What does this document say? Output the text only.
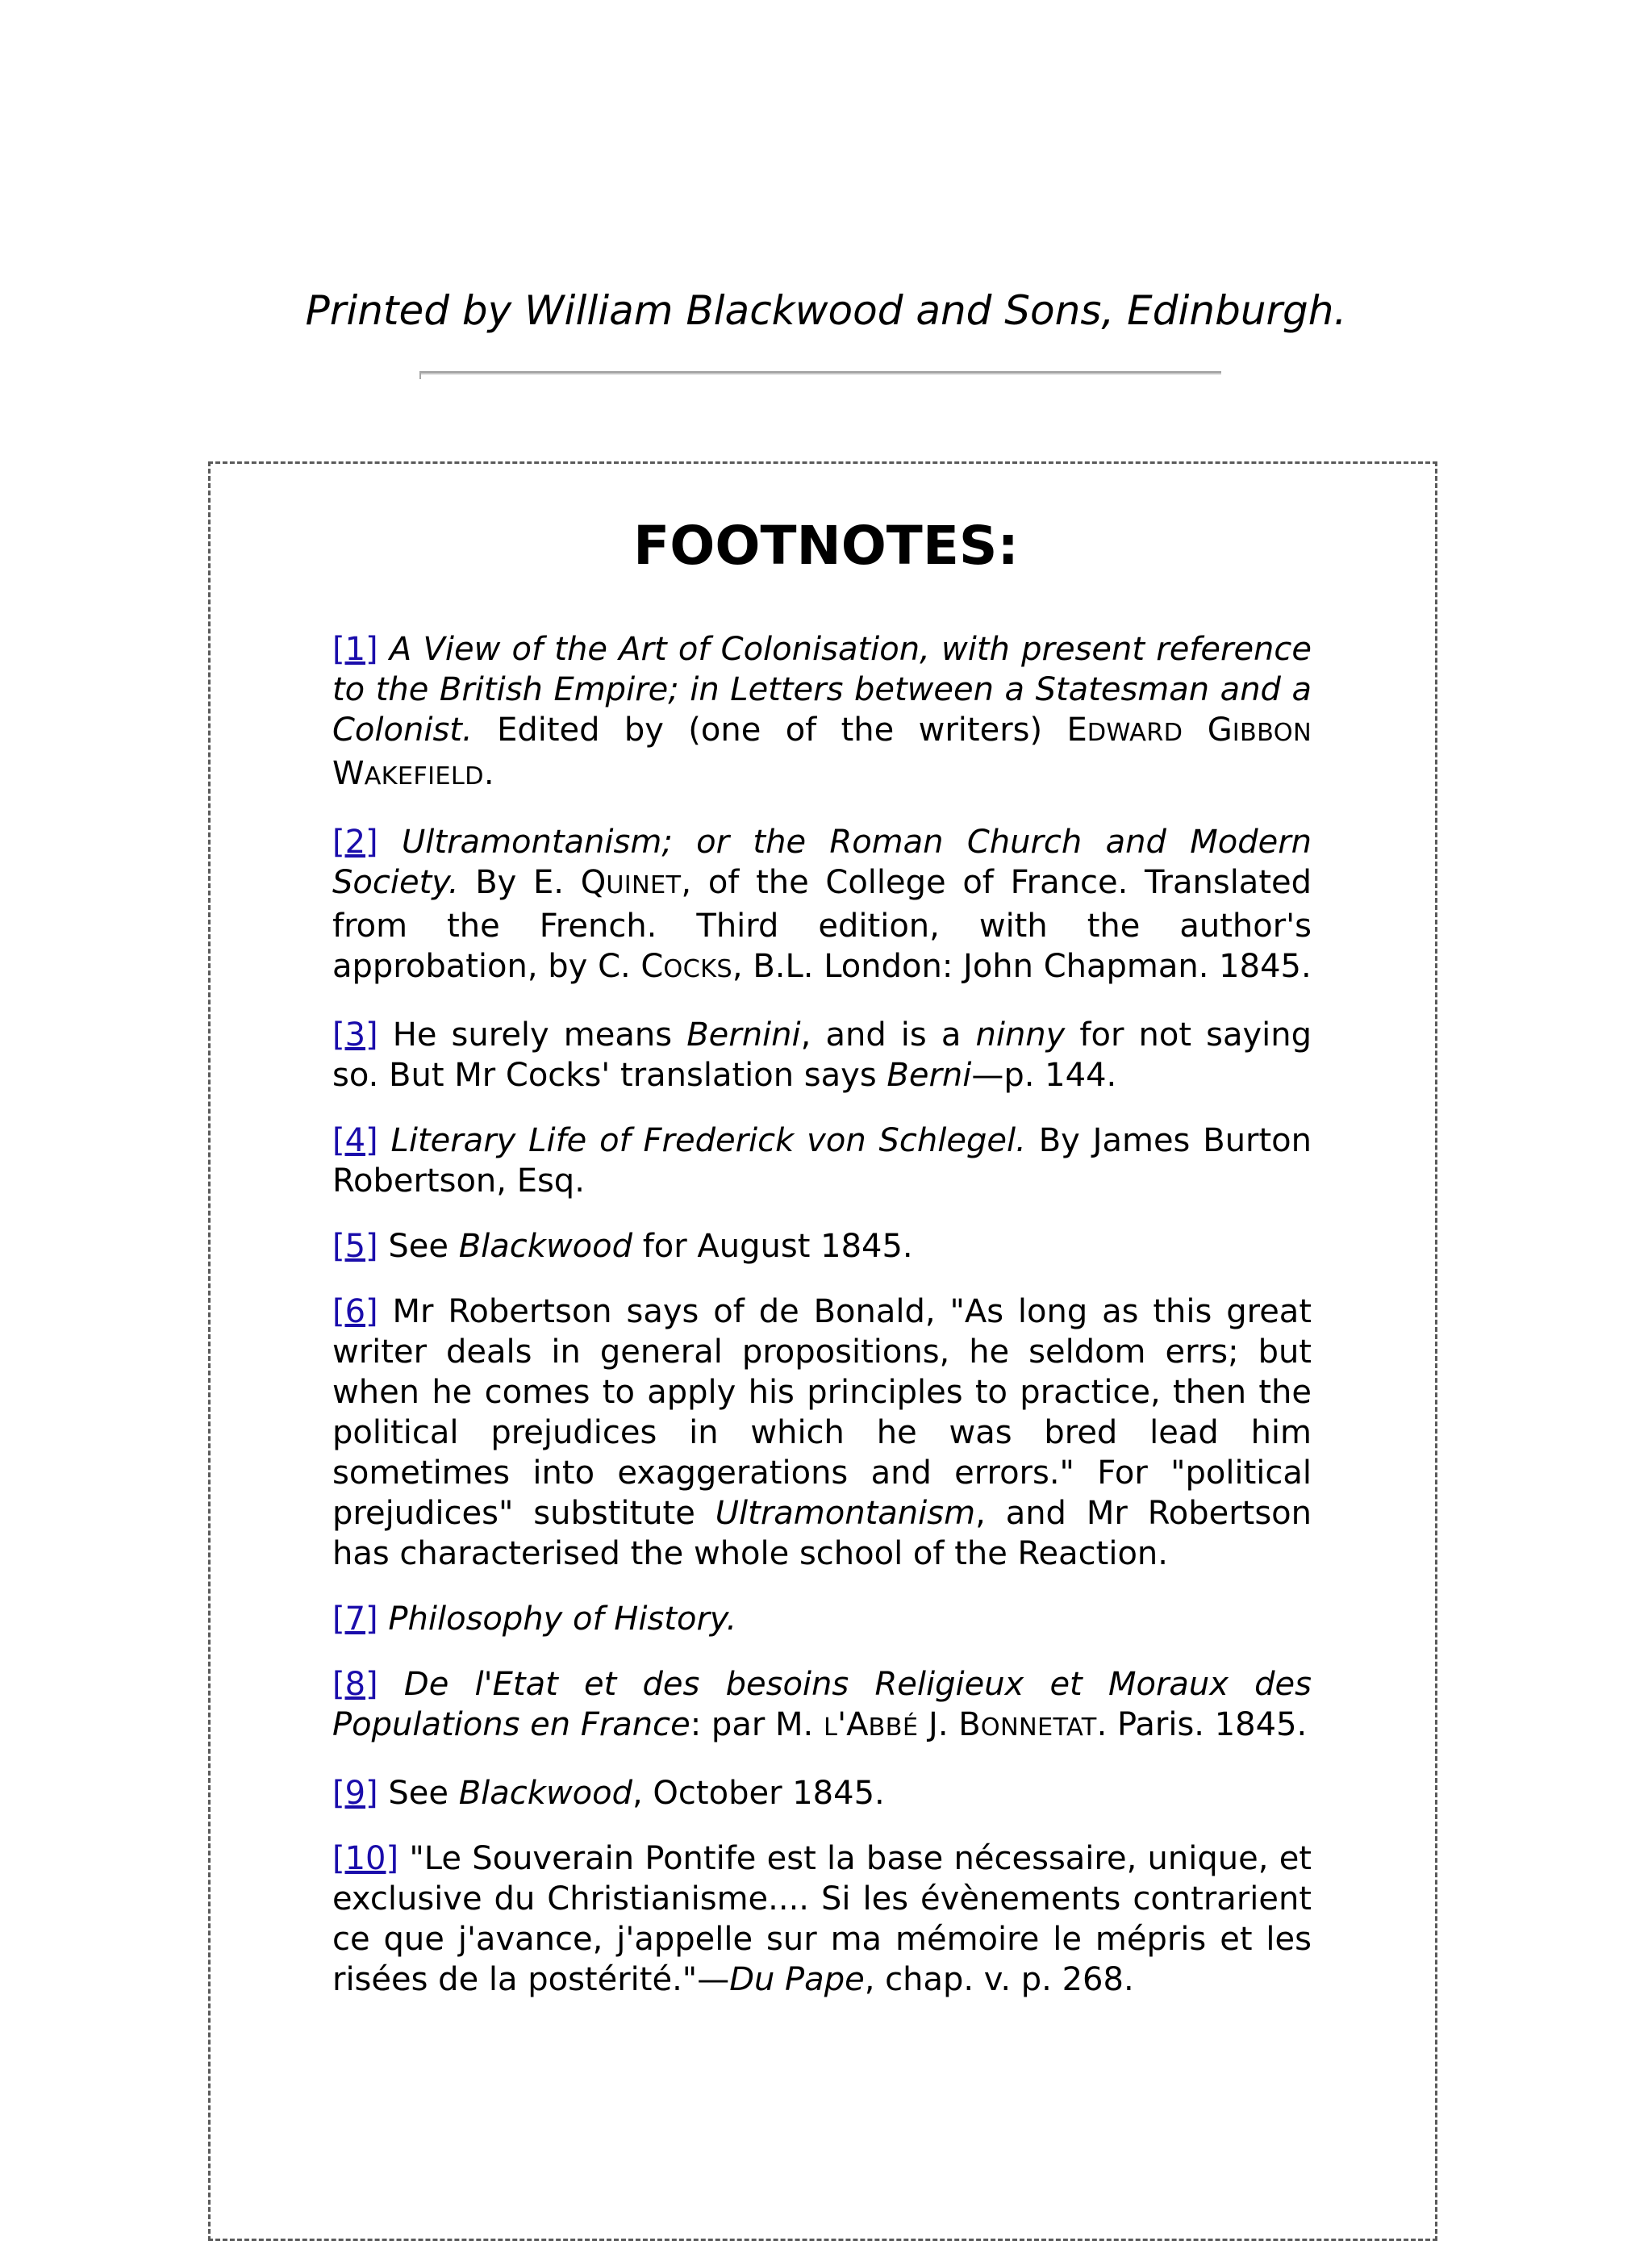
Printed by William Blackwood and Sons, Edinburgh.

FOOTNOTES:

[1] A View of the Art of Colonisation, with present reference to the British Empire; in Letters between a Statesman and a Colonist. Edited by (one of the writers) EDWARD GIBBON WAKEFIELD.

[2] Ultramontanism; or the Roman Church and Modern Society. By E. QUINET, of the College of France. Translated from the French. Third edition, with the author's approbation, by C. COCKS, B.L. London: John Chapman. 1845.

[3] He surely means Bernini, and is a ninny for not saying so. But Mr Cocks' translation says Berni—p. 144.

[4] Literary Life of Frederick von Schlegel. By James Burton Robertson, Esq.

[5] See Blackwood for August 1845.

[6] Mr Robertson says of de Bonald, "As long as this great writer deals in general propositions, he seldom errs; but when he comes to apply his principles to practice, then the political prejudices in which he was bred lead him sometimes into exaggerations and errors." For "political prejudices" substitute Ultramontanism, and Mr Robertson has characterised the whole school of the Reaction.

[7] Philosophy of History.

[8] De l'Etat et des besoins Religieux et Moraux des Populations en France: par M. L'ABBÉ J. BONNETAT. Paris. 1845.

[9] See Blackwood, October 1845.

[10] "Le Souverain Pontife est la base nécessaire, unique, et exclusive du Christianisme.... Si les évènements contrarient ce que j'avance, j'appelle sur ma mémoire le mépris et les risées de la postérité."—Du Pape, chap. v. p. 268.
